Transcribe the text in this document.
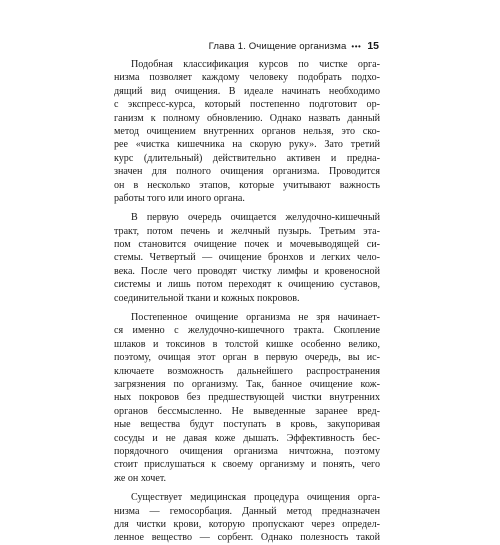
Глава 1. Очищение организма ••• 15
Подобная классификация курсов по чистке орга-
низма позволяет каждому человеку подобрать подхо-
дящий вид очищения. В идеале начинать необходимо
с экспресс-курса, который постепенно подготовит ор-
ганизм к полному обновлению. Однако назвать данный
метод очищением внутренних органов нельзя, это ско-
рее «чистка кишечника на скорую руку». Зато третий
курс (длительный) действительно активен и предна-
значен для полного очищения организма. Проводится
он в несколько этапов, которые учитывают важность
работы того или иного органа.
В первую очередь очищается желудочно-кишечный
тракт, потом печень и желчный пузырь. Третьим эта-
пом становится очищение почек и мочевыводящей си-
стемы. Четвертый — очищение бронхов и легких чело-
века. После чего проводят чистку лимфы и кровеносной
системы и лишь потом переходят к очищению суставов,
соединительной ткани и кожных покровов.
Постепенное очищение организма не зря начинает-
ся именно с желудочно-кишечного тракта. Скопление
шлаков и токсинов в толстой кишке особенно велико,
поэтому, очищая этот орган в первую очередь, вы ис-
ключаете возможность дальнейшего распространения
загрязнения по организму. Так, банное очищение кож-
ных покровов без предшествующей чистки внутренних
органов бессмысленно. Не выведенные заранее вред-
ные вещества будут поступать в кровь, закупоривая
сосуды и не давая коже дышать. Эффективность бес-
порядочного очищения организма ничтожна, поэтому
стоит прислушаться к своему организму и понять, чего
же он хочет.
Существует медицинская процедура очищения орга-
низма — гемосорбация. Данный метод предназначен
для чистки крови, которую пропускают через определ-
ленное вещество — сорбент. Однако полезность такой
